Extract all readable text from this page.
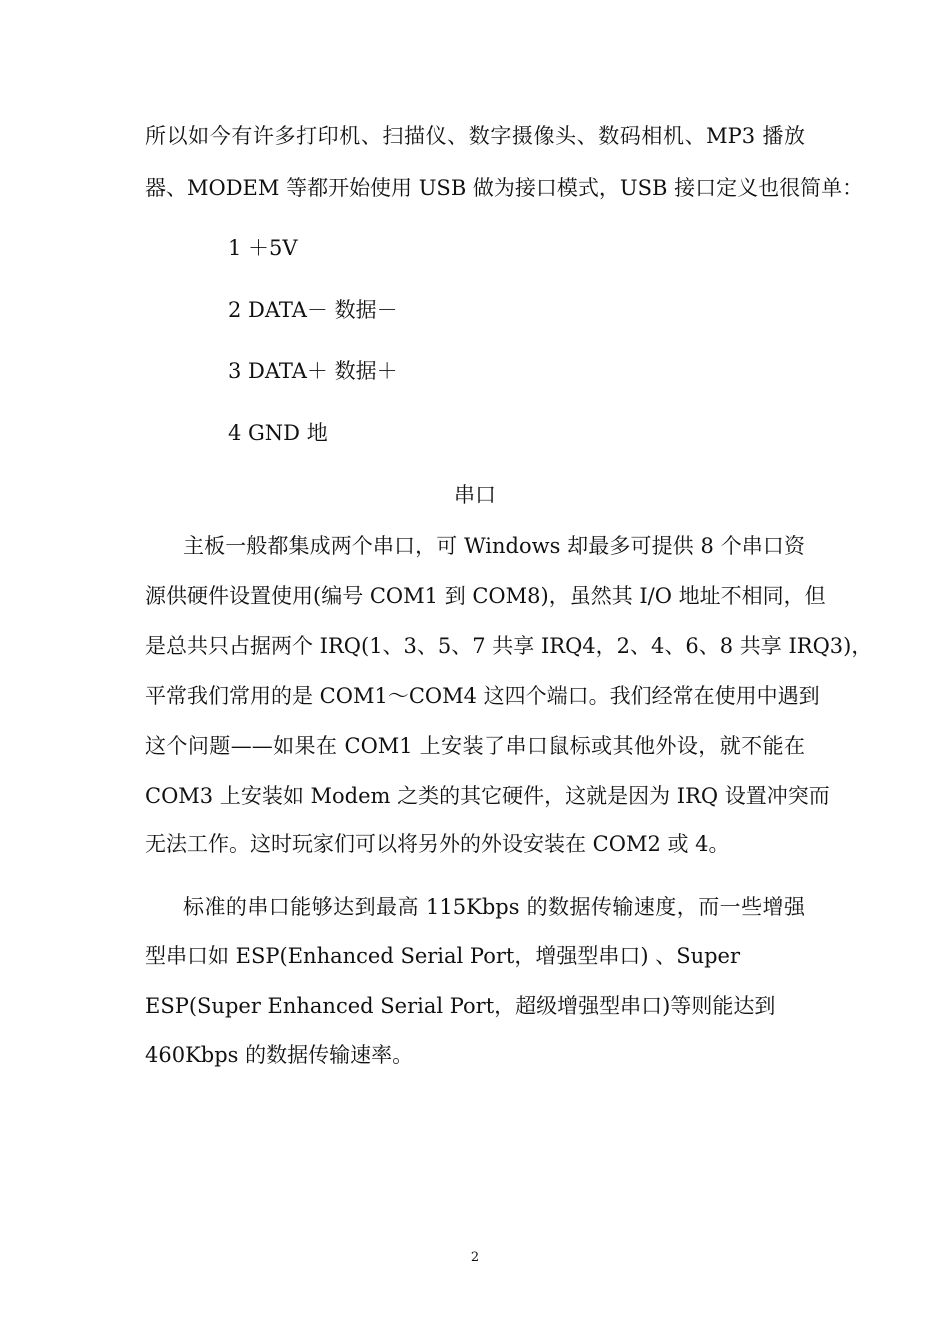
所以如今有许多打印机、扫描仪、数字摄像头、数码相机、MP3 播放
器、MODEM 等都开始使用 USB 做为接口模式，USB 接口定义也很简单：
1 ＋5V
2 DATA－ 数据－
3 DATA＋ 数据＋
4 GND 地
串口
主板一般都集成两个串口，可 Windows 却最多可提供 8 个串口资
源供硬件设置使用(编号 COM1 到 COM8)，虽然其 I/O 地址不相同，但
是总共只占据两个 IRQ(1、3、5、7 共享 IRQ4，2、4、6、8 共享 IRQ3)，
平常我们常用的是 COM1～COM4 这四个端口。我们经常在使用中遇到
这个问题——如果在 COM1 上安装了串口鼠标或其他外设，就不能在
COM3 上安装如 Modem 之类的其它硬件，这就是因为 IRQ 设置冲突而
无法工作。这时玩家们可以将另外的外设安装在 COM2 或 4。
标准的串口能够达到最高 115Kbps 的数据传输速度，而一些增强
型串口如 ESP(Enhanced Serial Port，增强型串口) 、Super
ESP(Super Enhanced Serial Port，超级增强型串口)等则能达到
460Kbps 的数据传输速率。
2
